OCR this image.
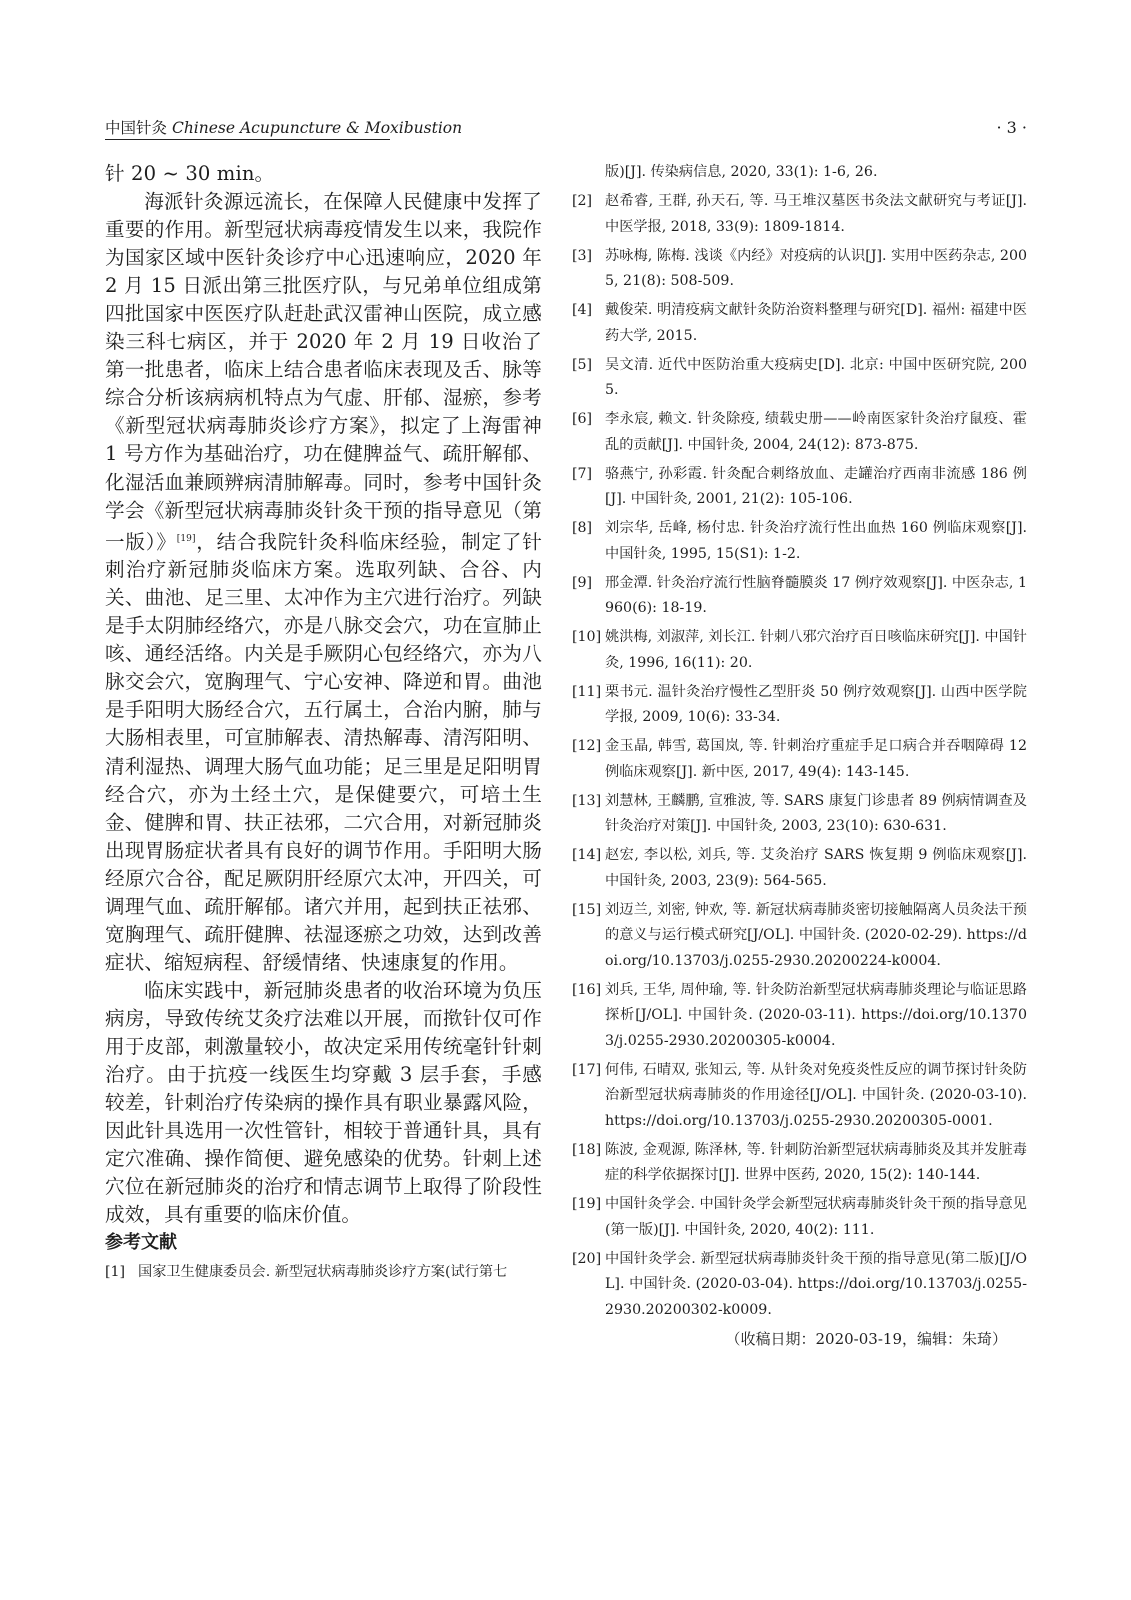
中国针灸 Chinese Acupuncture & Moxibustion	· 3 ·

针 20 ~ 30 min。

海派针灸源远流长，在保障人民健康中发挥了重要的作用。新型冠状病毒疫情发生以来，我院作为国家区域中医针灸诊疗中心迅速响应，2020 年 2 月 15 日派出第三批医疗队，与兄弟单位组成第四批国家中医医疗队赶赴武汉雷神山医院，成立感染三科七病区，并于 2020 年 2 月 19 日收治了第一批患者，临床上结合患者临床表现及舌、脉等综合分析该病病机特点为气虚、肝郁、湿瘀，参考《新型冠状病毒肺炎诊疗方案》，拟定了上海雷神 1 号方作为基础治疗，功在健脾益气、疏肝解郁、化湿活血兼顾辨病清肺解毒。同时，参考中国针灸学会《新型冠状病毒肺炎针灸干预的指导意见（第一版）》[19]，结合我院针灸科临床经验，制定了针刺治疗新冠肺炎临床方案。选取列缺、合谷、内关、曲池、足三里、太冲作为主穴进行治疗。列缺是手太阴肺经络穴，亦是八脉交会穴，功在宣肺止咳、通经活络。内关是手厥阴心包经络穴，亦为八脉交会穴，宽胸理气、宁心安神、降逆和胃。曲池是手阳明大肠经合穴，五行属土，合治内腑，肺与大肠相表里，可宣肺解表、清热解毒、清泻阳明、清利湿热、调理大肠气血功能；足三里是足阳明胃经合穴，亦为土经土穴，是保健要穴，可培土生金、健脾和胃、扶正祛邪，二穴合用，对新冠肺炎出现胃肠症状者具有良好的调节作用。手阳明大肠经原穴合谷，配足厥阴肝经原穴太冲，开四关，可调理气血、疏肝解郁。诸穴并用，起到扶正祛邪、宽胸理气、疏肝健脾、祛湿逐瘀之功效，达到改善症状、缩短病程、舒缓情绪、快速康复的作用。

临床实践中，新冠肺炎患者的收治环境为负压病房，导致传统艾灸疗法难以开展，而揿针仅可作用于皮部，刺激量较小，故决定采用传统毫针针刺治疗。由于抗疫一线医生均穿戴 3 层手套，手感较差，针刺治疗传染病的操作具有职业暴露风险，因此针具选用一次性管针，相较于普通针具，具有定穴准确、操作简便、避免感染的优势。针刺上述穴位在新冠肺炎的治疗和情志调节上取得了阶段性成效，具有重要的临床价值。

参考文献
[1] 国家卫生健康委员会. 新型冠状病毒肺炎诊疗方案(试行第七
版)[J]. 传染病信息, 2020, 33(1): 1-6, 26.
[2] 赵希睿, 王群, 孙天石, 等. 马王堆汉墓医书灸法文献研究与考证[J]. 中医学报, 2018, 33(9): 1809-1814.
[3] 苏咏梅, 陈梅. 浅谈《内经》对疫病的认识[J]. 实用中医药杂志, 2005, 21(8): 508-509.
[4] 戴俊荣. 明清疫病文献针灸防治资料整理与研究[D]. 福州: 福建中医药大学, 2015.
[5] 吴文清. 近代中医防治重大疫病史[D]. 北京: 中国中医研究院, 2005.
[6] 李永宸, 赖文. 针灸除疫, 绩载史册——岭南医家针灸治疗鼠疫、霍乱的贡献[J]. 中国针灸, 2004, 24(12): 873-875.
[7] 骆燕宁, 孙彩霞. 针灸配合刺络放血、走罐治疗西南非流感 186 例[J]. 中国针灸, 2001, 21(2): 105-106.
[8] 刘宗华, 岳峰, 杨付忠. 针灸治疗流行性出血热 160 例临床观察[J]. 中国针灸, 1995, 15(S1): 1-2.
[9] 邢金潭. 针灸治疗流行性脑脊髓膜炎 17 例疗效观察[J]. 中医杂志, 1960(6): 18-19.
[10] 姚洪梅, 刘淑萍, 刘长江. 针刺八邪穴治疗百日咳临床研究[J]. 中国针灸, 1996, 16(11): 20.
[11] 栗书元. 温针灸治疗慢性乙型肝炎 50 例疗效观察[J]. 山西中医学院学报, 2009, 10(6): 33-34.
[12] 金玉晶, 韩雪, 葛国岚, 等. 针刺治疗重症手足口病合并吞咽障碍 12 例临床观察[J]. 新中医, 2017, 49(4): 143-145.
[13] 刘慧林, 王麟鹏, 宣雅波, 等. SARS 康复门诊患者 89 例病情调查及针灸治疗对策[J]. 中国针灸, 2003, 23(10): 630-631.
[14] 赵宏, 李以松, 刘兵, 等. 艾灸治疗 SARS 恢复期 9 例临床观察[J]. 中国针灸, 2003, 23(9): 564-565.
[15] 刘迈兰, 刘密, 钟欢, 等. 新冠状病毒肺炎密切接触隔离人员灸法干预的意义与运行模式研究[J/OL]. 中国针灸. (2020-02-29). https://doi.org/10.13703/j.0255-2930.20200224-k0004.
[16] 刘兵, 王华, 周仲瑜, 等. 针灸防治新型冠状病毒肺炎理论与临证思路探析[J/OL]. 中国针灸. (2020-03-11). https://doi.org/10.13703/j.0255-2930.20200305-k0004.
[17] 何伟, 石晴双, 张知云, 等. 从针灸对免疫炎性反应的调节探讨针灸防治新型冠状病毒肺炎的作用途径[J/OL]. 中国针灸. (2020-03-10). https://doi.org/10.13703/j.0255-2930.20200305-0001.
[18] 陈波, 金观源, 陈泽林, 等. 针刺防治新型冠状病毒肺炎及其并发脏毒症的科学依据探讨[J]. 世界中医药, 2020, 15(2): 140-144.
[19] 中国针灸学会. 中国针灸学会新型冠状病毒肺炎针灸干预的指导意见(第一版)[J]. 中国针灸, 2020, 40(2): 111.
[20] 中国针灸学会. 新型冠状病毒肺炎针灸干预的指导意见(第二版)[J/OL]. 中国针灸. (2020-03-04). https://doi.org/10.13703/j.0255-2930.20200302-k0009.
（收稿日期：2020-03-19，编辑：朱琦）
